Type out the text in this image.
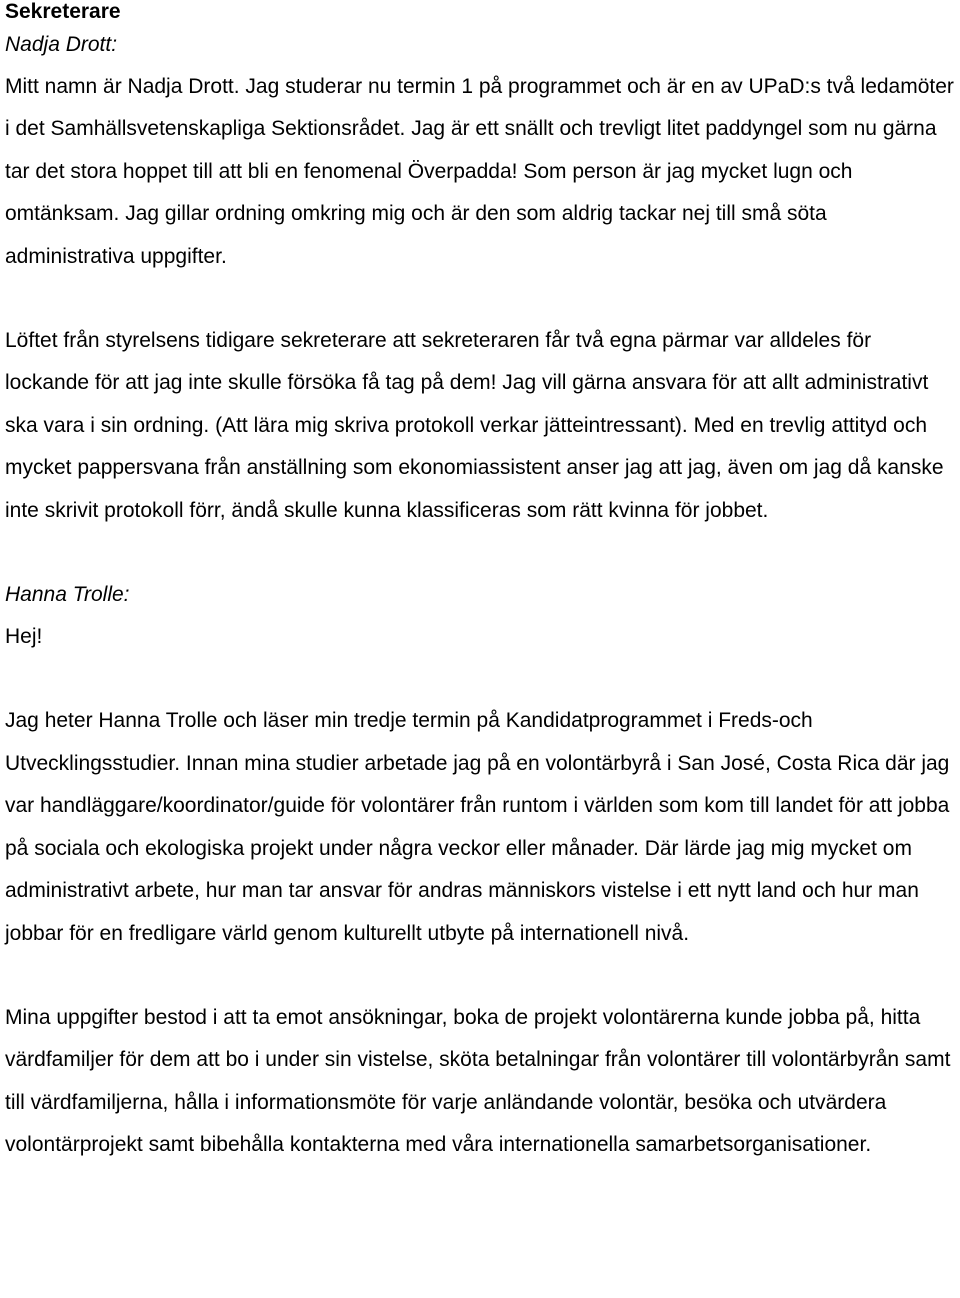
Sekreterare

Nadja Drott:

Mitt namn är Nadja Drott. Jag studerar nu termin 1 på programmet och är en av UPaD:s två ledamöter i det Samhällsvetenskapliga Sektionsrådet. Jag är ett snällt och trevligt litet paddyngel som nu gärna tar det stora hoppet till att bli en fenomenal Överpadda! Som person är jag mycket lugn och omtänksam. Jag gillar ordning omkring mig och är den som aldrig tackar nej till små söta administrativa uppgifter.

Löftet från styrelsens tidigare sekreterare att sekreteraren får två egna pärmar var alldeles för lockande för att jag inte skulle försöka få tag på dem! Jag vill gärna ansvara för att allt administrativt ska vara i sin ordning. (Att lära mig skriva protokoll verkar jätteintressant). Med en trevlig attityd och mycket pappersvana från anställning som ekonomiassistent anser jag att jag, även om jag då kanske inte skrivit protokoll förr, ändå skulle kunna klassificeras som rätt kvinna för jobbet.

Hanna Trolle:

Hej!

Jag heter Hanna Trolle och läser min tredje termin på Kandidatprogrammet i Freds-och Utvecklingsstudier. Innan mina studier arbetade jag på en volontärbyrå i San José, Costa Rica där jag var handläggare/koordinator/guide för volontärer från runtom i världen som kom till landet för att jobba på sociala och ekologiska projekt under några veckor eller månader. Där lärde jag mig mycket om administrativt arbete, hur man tar ansvar för andras människors vistelse i ett nytt land och hur man jobbar för en fredligare värld genom kulturellt utbyte på internationell nivå.

Mina uppgifter bestod i att ta emot ansökningar, boka de projekt volontärerna kunde jobba på, hitta värdfamiljer för dem att bo i under sin vistelse, sköta betalningar från volontärer till volontärbyrån samt till värdfamiljerna, hålla i informationsmöte för varje anländande volontär, besöka och utvärdera volontärprojekt samt bibehålla kontakterna med våra internationella samarbetsorganisationer.
